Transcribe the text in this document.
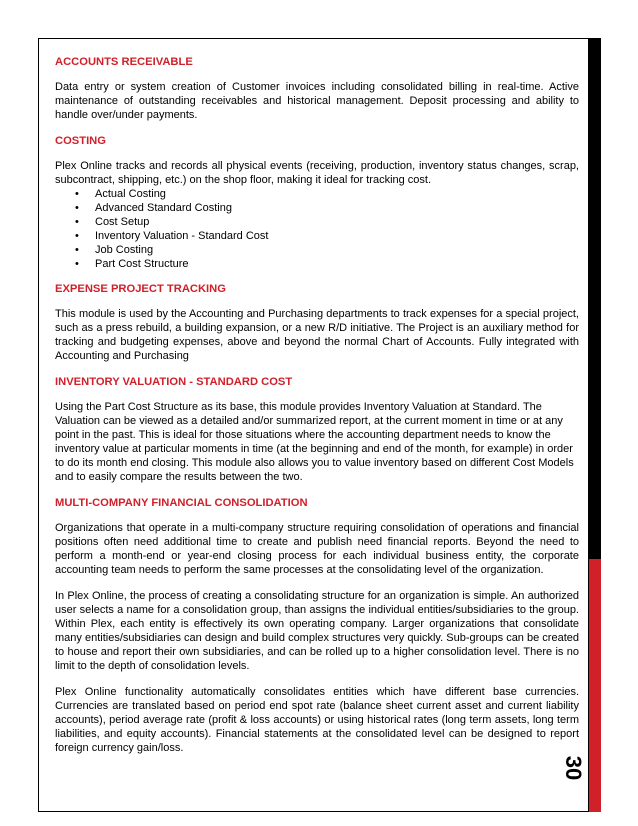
30
ACCOUNTS RECEIVABLE

Data entry or system creation of Customer invoices including consolidated billing in real-time. Active maintenance of outstanding receivables and historical management. Deposit processing and ability to handle over/under payments.

COSTING

Plex Online tracks and records all physical events (receiving, production, inventory status changes, scrap, subcontract, shipping, etc.) on the shop floor, making it ideal for tracking cost.

• Actual Costing
• Advanced Standard Costing
• Cost Setup
• Inventory Valuation - Standard Cost
• Job Costing
• Part Cost Structure
EXPENSE PROJECT TRACKING

This module is used by the Accounting and Purchasing departments to track expenses for a special project, such as a press rebuild, a building expansion, or a new R/D initiative. The Project is an auxiliary method for tracking and budgeting expenses, above and beyond the normal Chart of Accounts. Fully integrated with Accounting and Purchasing

INVENTORY VALUATION - STANDARD COST

Using the Part Cost Structure as its base, this module provides Inventory Valuation at Standard. The Valuation can be viewed as a detailed and/or summarized report, at the current moment in time or at any point in the past. This is ideal for those situations where the accounting department needs to know the inventory value at particular moments in time (at the beginning and end of the month, for example) in order to do its month end closing. This module also allows you to value inventory based on different Cost Models and to easily compare the results between the two.

MULTI-COMPANY FINANCIAL CONSOLIDATION

Organizations that operate in a multi-company structure requiring consolidation of operations and financial positions often need additional time to create and publish need financial reports. Beyond the need to perform a month-end or year-end closing process for each individual business entity, the corporate accounting team needs to perform the same processes at the consolidating level of the organization.

In Plex Online, the process of creating a consolidating structure for an organization is simple. An authorized user selects a name for a consolidation group, than assigns the individual entities/subsidiaries to the group. Within Plex, each entity is effectively its own operating company. Larger organizations that consolidate many entities/subsidiaries can design and build complex structures very quickly. Sub-groups can be created to house and report their own subsidiaries, and can be rolled up to a higher consolidation level. There is no limit to the depth of consolidation levels.

Plex Online functionality automatically consolidates entities which have different base currencies. Currencies are translated based on period end spot rate (balance sheet current asset and current liability accounts), period average rate (profit & loss accounts) or using historical rates (long term assets, long term liabilities, and equity accounts). Financial statements at the consolidated level can be designed to report foreign currency gain/loss.
